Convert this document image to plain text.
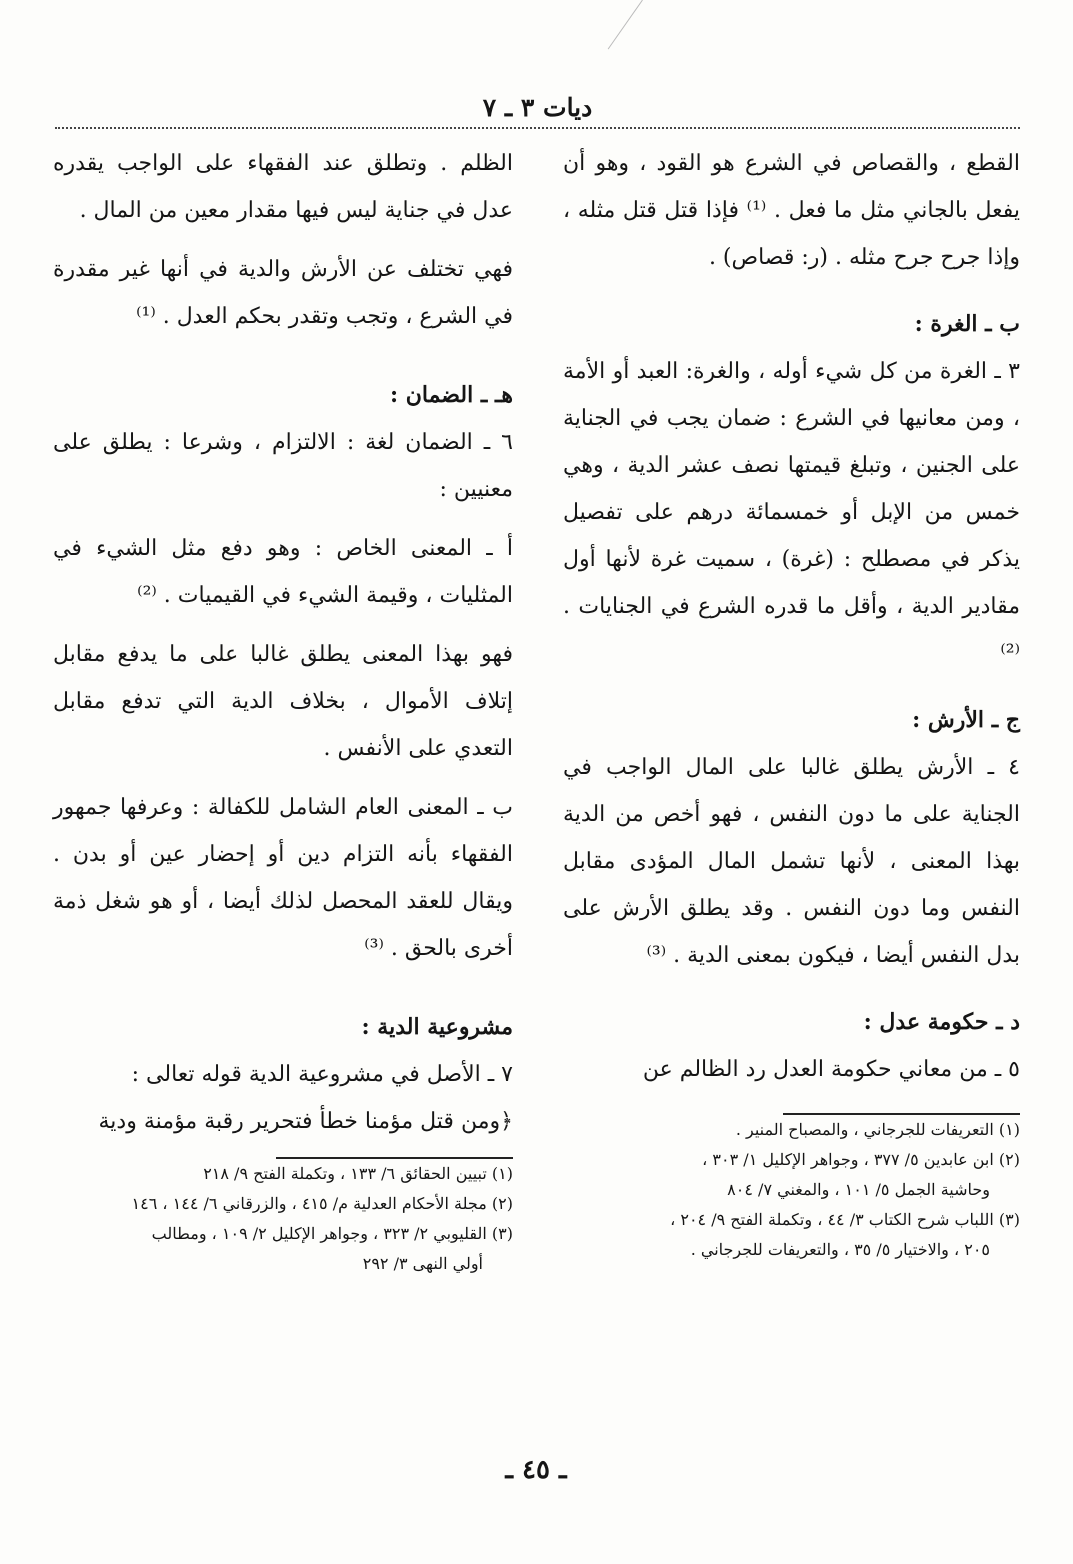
ديات ٣ ـ ٧

القطع ، والقصاص في الشرع هو القود ، وهو أن يفعل بالجاني مثل ما فعل . ⁽¹⁾ فإذا قتل قتل مثله ، وإذا جرح جرح مثله . (ر: قصاص) .

ب ـ الغرة :

٣ ـ الغرة من كل شيء أوله ، والغرة: العبد أو الأمة ، ومن معانيها في الشرع : ضمان يجب في الجناية على الجنين ، وتبلغ قيمتها نصف عشر الدية ، وهي خمس من الإبل أو خمسمائة درهم على تفصيل يذكر في مصطلح : (غرة) ، سميت غرة لأنها أول مقادير الدية ، وأقل ما قدره الشرع في الجنايات . ⁽²⁾

ج ـ الأرش :

٤ ـ الأرش يطلق غالبا على المال الواجب في الجناية على ما دون النفس ، فهو أخص من الدية بهذا المعنى ، لأنها تشمل المال المؤدى مقابل النفس وما دون النفس . وقد يطلق الأرش على بدل النفس أيضا ، فيكون بمعنى الدية . ⁽³⁾

د ـ حكومة عدل :

٥ ـ من معاني حكومة العدل رد الظالم عن

(١) التعريفات للجرجاني ، والمصباح المنير .
(٢) ابن عابدين ٥/ ٣٧٧ ، وجواهر الإكليل ١/ ٣٠٣ ،
وحاشية الجمل ٥/ ١٠١ ، والمغني ٧/ ٨٠٤
(٣) اللباب شرح الكتاب ٣/ ٤٤ ، وتكملة الفتح ٩/ ٢٠٤ ،
٢٠٥ ، والاختيار ٥/ ٣٥ ، والتعريفات للجرجاني .

الظلم . وتطلق عند الفقهاء على الواجب يقدره عدل في جناية ليس فيها مقدار معين من المال .

فهي تختلف عن الأرش والدية في أنها غير مقدرة في الشرع ، وتجب وتقدر بحكم العدل . ⁽¹⁾

هـ ـ الضمان :

٦ ـ الضمان لغة : الالتزام ، وشرعا : يطلق على معنيين :

أ ـ المعنى الخاص : وهو دفع مثل الشيء في المثليات ، وقيمة الشيء في القيميات . ⁽²⁾

فهو بهذا المعنى يطلق غالبا على ما يدفع مقابل إتلاف الأموال ، بخلاف الدية التي تدفع مقابل التعدي على الأنفس .

ب ـ المعنى العام الشامل للكفالة : وعرفها جمهور الفقهاء بأنه التزام دين أو إحضار عين أو بدن . ويقال للعقد المحصل لذلك أيضا ، أو هو شغل ذمة أخرى بالحق . ⁽³⁾

مشروعية الدية :

٧ ـ الأصل في مشروعية الدية قوله تعالى :

﴿ومن قتل مؤمنا خطأ فتحرير رقبة مؤمنة ودية

(١) تبيين الحقائق ٦/ ١٣٣ ، وتكملة الفتح ٩/ ٢١٨
(٢) مجلة الأحكام العدلية م/ ٤١٥ ، والزرقاني ٦/ ١٤٤ ، ١٤٦
(٣) القليوبي ٢/ ٣٢٣ ، وجواهر الإكليل ٢/ ١٠٩ ، ومطالب
أولي النهى ٣/ ٢٩٢
ـ ٤٥ ـ
